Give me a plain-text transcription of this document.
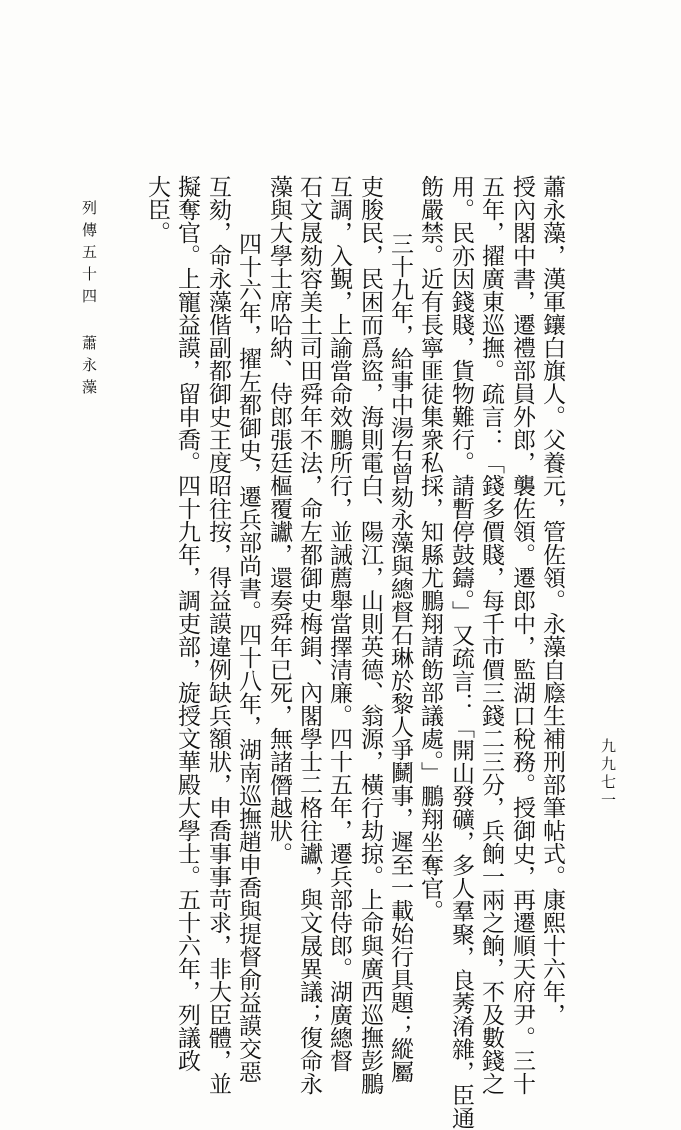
列傳五十四 蕭永藻
九九七一
蕭永藻，漢軍鑲白旗人。父養元，管佐領。永藻自廕生補刑部筆帖式。康熙十六年，
授內閣中書，遷禮部員外郎，襲佐領。遷郎中，監湖口稅務。授御史，再遷順天府尹。三十
五年，擢廣東巡撫。疏言：「錢多價賤，每千市價三錢二三分，兵餉一兩之餉，不及數錢之
用。民亦因錢賤，貨物難行。請暫停鼓鑄。」又疏言：「開山發礦，多人羣聚，良莠淆雜，臣通
飭嚴禁。近有長寧匪徒集衆私採，知縣尤鵬翔請飭部議處。」鵬翔坐奪官。
三十九年，給事中湯右曾劾永藻與總督石琳於黎人爭鬭事，遲至一載始行具題；縱屬
吏朘民，民困而爲盜，海則電白、陽江，山則英德、翁源，橫行劫掠。上命與廣西巡撫彭鵬
互調，入覲，上諭當命效鵬所行，並誡薦舉當擇清廉。四十五年，遷兵部侍郎。湖廣總督
石文晟劾容美土司田舜年不法，命左都御史梅鋗、內閣學士二格往讞，與文晟異議；復命永
藻與大學士席哈納、侍郎張廷樞覆讞，還奏舜年已死，無諸僭越狀。
四十六年，擢左都御史，遷兵部尚書。四十八年，湖南巡撫趙申喬與提督俞益謨交惡
互劾，命永藻偕副都御史王度昭往按，得益謨違例缺兵額狀，申喬事事苛求，非大臣體，並
擬奪官。上寵益謨，留申喬。四十九年，調吏部，旋授文華殿大學士。五十六年，列議政
大臣。
